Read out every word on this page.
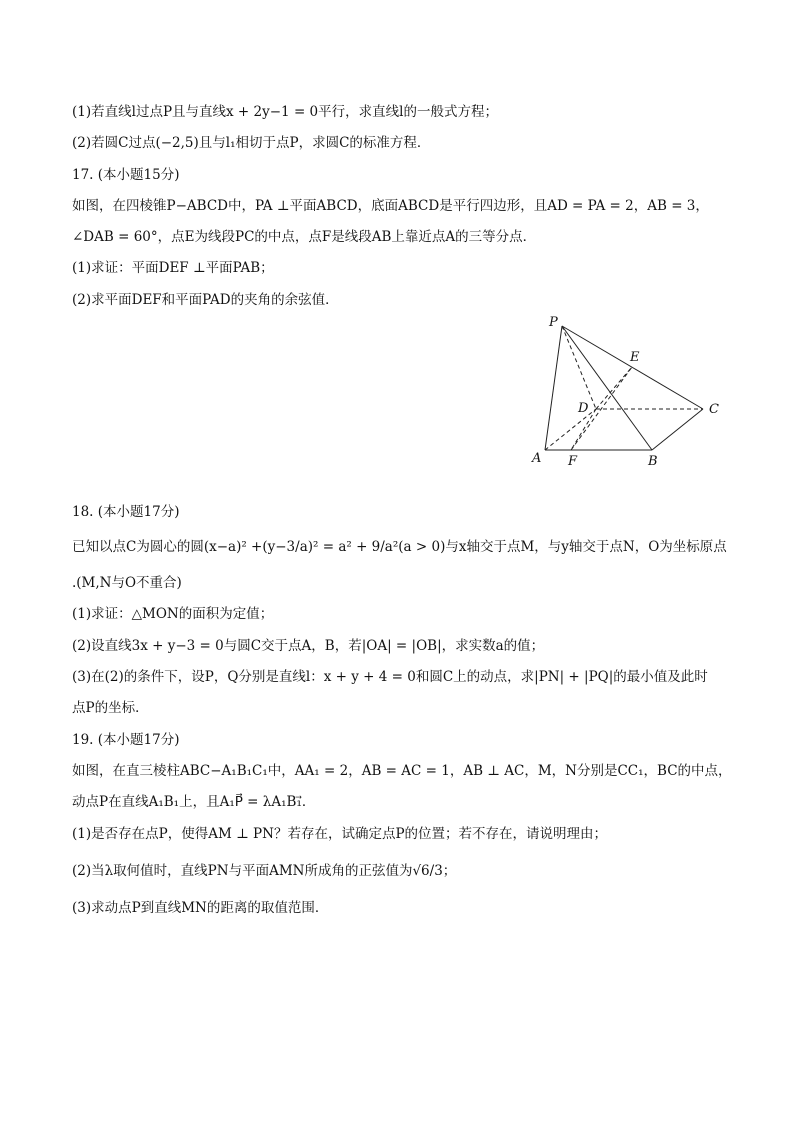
(1)若直线l过点P且与直线x + 2y−1 = 0平行，求直线l的一般式方程；
(2)若圆C过点(−2,5)且与l₁相切于点P，求圆C的标准方程．
17. (本小题15分)
如图，在四棱锥P−ABCD中，PA ⊥平面ABCD，底面ABCD是平行四边形，且AD = PA = 2，AB = 3，
∠DAB = 60°，点E为线段PC的中点，点F是线段AB上靠近点A的三等分点．
(1)求证：平面DEF ⊥平面PAB；
(2)求平面DEF和平面PAD的夹角的余弦值．
P
E
D	C
A F	B
18. (本小题17分)
已知以点C为圆心的圆(x−a)² +(y−3/a)² = a² + 9/a²(a > 0)与x轴交于点M，与y轴交于点N，O为坐标原点
.(M,N与O不重合)
(1)求证：△MON的面积为定值；
(2)设直线3x + y−3 = 0与圆C交于点A，B，若|OA| = |OB|，求实数a的值；
(3)在(2)的条件下，设P，Q分别是直线l：x + y + 4 = 0和圆C上的动点，求|PN| + |PQ|的最小值及此时
点P的坐标．
19. (本小题17分)
如图，在直三棱柱ABC−A₁B₁C₁中，AA₁ = 2，AB = AC = 1，AB ⊥ AC，M，N分别是CC₁，BC的中点，
动点P在直线A₁B₁上，且A₁P⃗ = λA₁B₁⃗．
(1)是否存在点P，使得AM ⊥ PN？若存在，试确定点P的位置；若不存在，请说明理由；
(2)当λ取何值时，直线PN与平面AMN所成角的正弦值为√6/3；
(3)求动点P到直线MN的距离的取值范围．
